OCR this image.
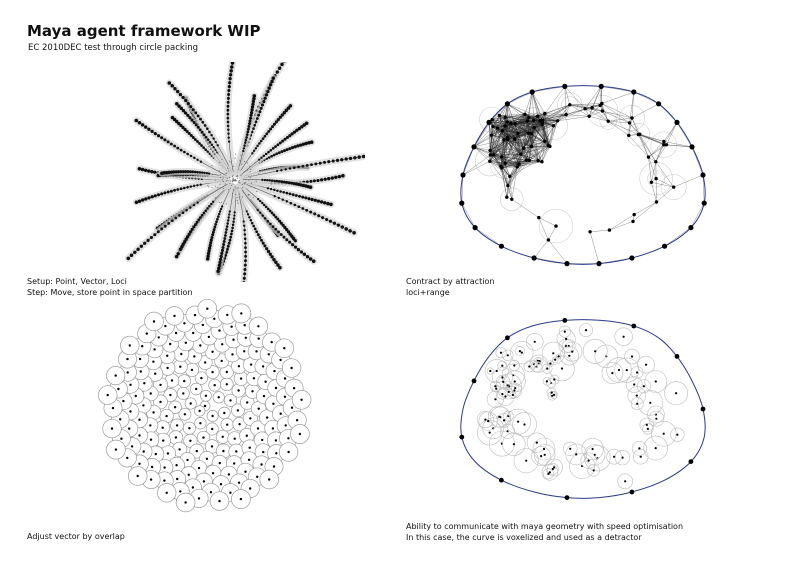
Maya agent framework WIP
EC 2010DEC test through circle packing
Setup: Point, Vector, Loci
Step: Move, store point in space partition
Contract by attraction
loci+range
Adjust vector by overlap
Ability to communicate with maya geometry with speed optimisation
In this case, the curve is voxelized and used as a detractor
